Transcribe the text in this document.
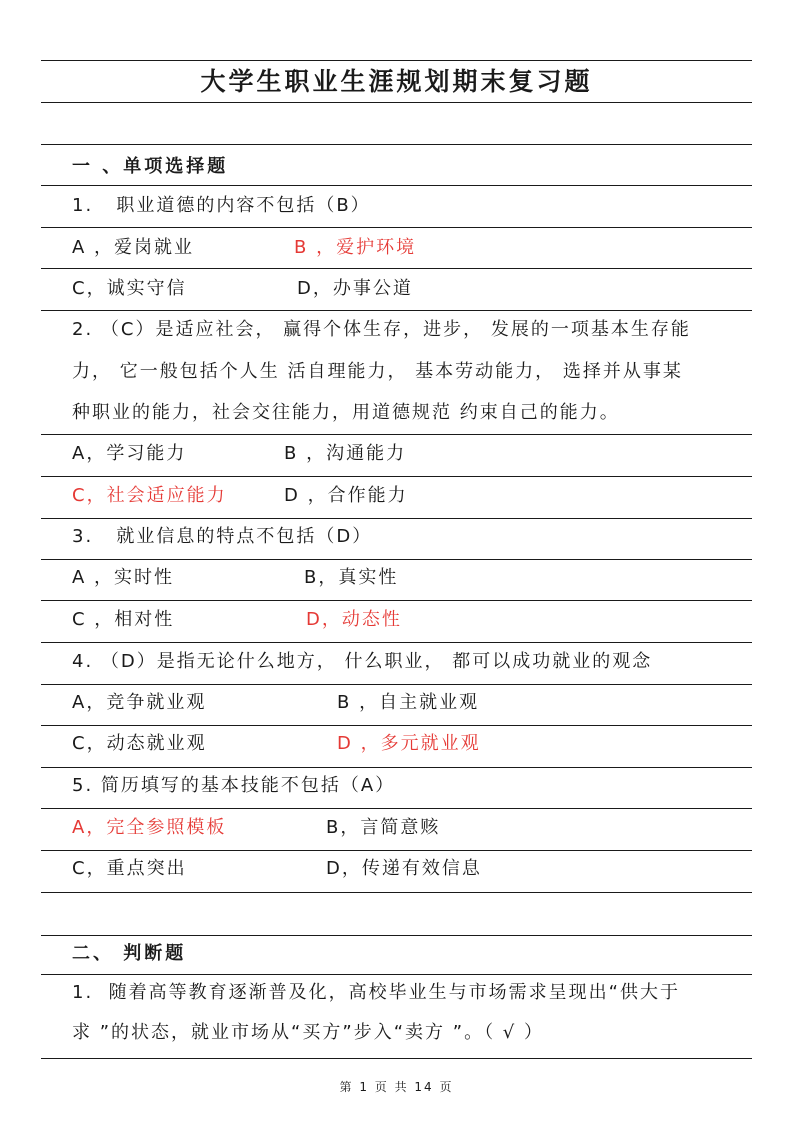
大学生职业生涯规划期末复习题
一 、单项选择题
1.   职业道德的内容不包括（B）
A ，爱岗就业	B ，爱护环境
C，诚实守信	D，办事公道
2. （C）是适应社会， 赢得个体生存，进步， 发展的一项基本生存能
力， 它一般包括个人生 活自理能力， 基本劳动能力， 选择并从事某
种职业的能力，社会交往能力，用道德规范 约束自己的能力。
A，学习能力	B ，沟通能力
C，社会适应能力	D ，合作能力
3.   就业信息的特点不包括（D）
A ，实时性	B，真实性
C ，相对性	D，动态性
4. （D）是指无论什么地方， 什么职业， 都可以成功就业的观念
A，竞争就业观	B ，自主就业观
C，动态就业观	D ，多元就业观
5. 简历填写的基本技能不包括（A）
A，完全参照模板	B，言简意赅
C，重点突出	D，传递有效信息
二、 判断题
1.  随着高等教育逐渐普及化，高校毕业生与市场需求呈现出“供大于
求 ”的状态，就业市场从“买方”步入“卖方 ”。（ √ ）
第 1 页 共 14 页
